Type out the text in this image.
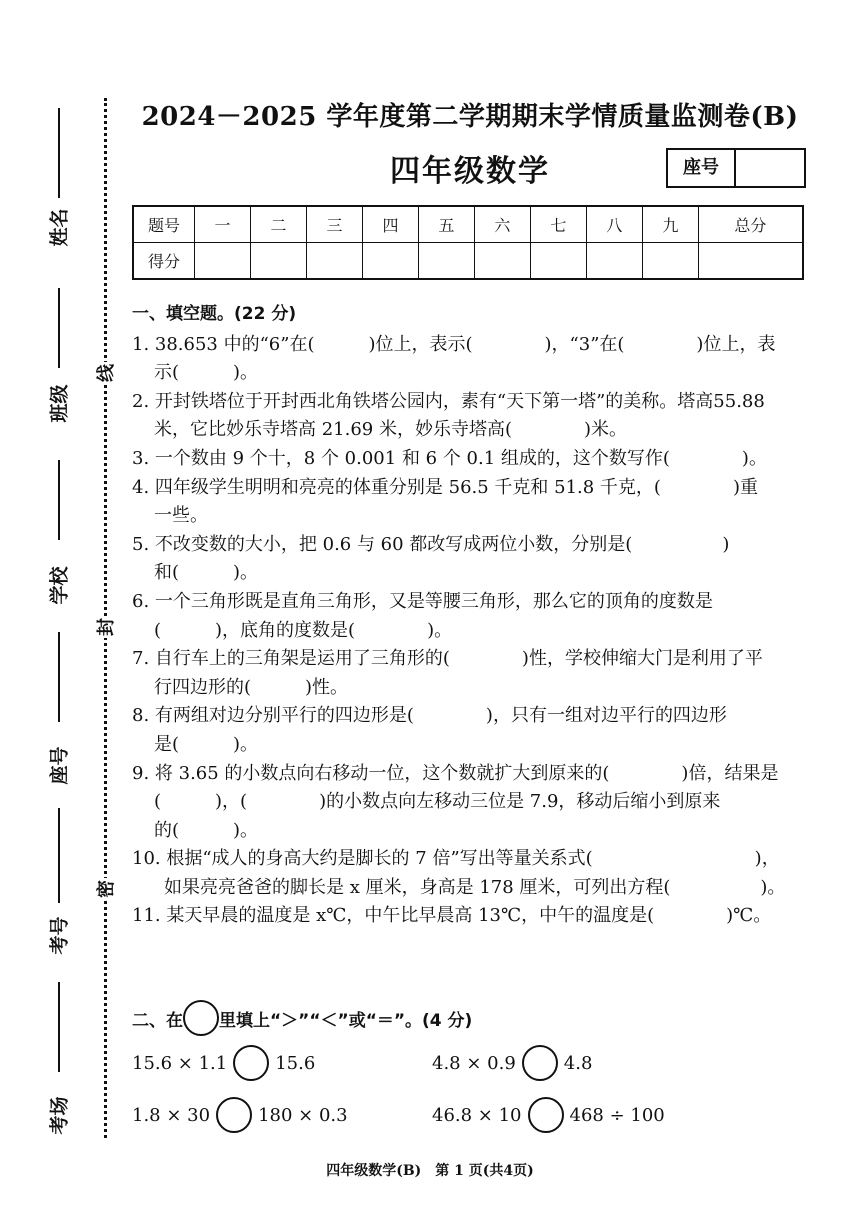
姓名
班级
学校
座号
考号
考场
线
封
密
2024－2025 学年度第二学期期末学情质量监测卷(B)
四年级数学	座号
题号	一	二	三	四	五	六	七	八	九	总分
得分										

一、填空题。(22 分)

1. 38.653 中的“6”在(　　　)位上，表示(　　　　)，“3”在(　　　　)位上，表
示(　　　)。
2. 开封铁塔位于开封西北角铁塔公园内，素有“天下第一塔”的美称。塔高55.88
米，它比妙乐寺塔高 21.69 米，妙乐寺塔高(　　　　)米。
3. 一个数由 9 个十，8 个 0.001 和 6 个 0.1 组成的，这个数写作(　　　　)。
4. 四年级学生明明和亮亮的体重分别是 56.5 千克和 51.8 千克，(　　　　)重
一些。
5. 不改变数的大小，把 0.6 与 60 都改写成两位小数，分别是(　　　　　)
和(　　　)。
6. 一个三角形既是直角三角形，又是等腰三角形，那么它的顶角的度数是
(　　　)，底角的度数是(　　　　)。
7. 自行车上的三角架是运用了三角形的(　　　　)性，学校伸缩大门是利用了平
行四边形的(　　　)性。
8. 有两组对边分别平行的四边形是(　　　　)，只有一组对边平行的四边形
是(　　　)。
9. 将 3.65 的小数点向右移动一位，这个数就扩大到原来的(　　　　)倍，结果是
(　　　)，(　　　　)的小数点向左移动三位是 7.9，移动后缩小到原来
的(　　　)。
10. 根据“成人的身高大约是脚长的 7 倍”写出等量关系式(　　　　　　　　　)，
如果亮亮爸爸的脚长是 x 厘米，身高是 178 厘米，可列出方程(　　　　　)。
11. 某天早晨的温度是 x℃，中午比早晨高 13℃，中午的温度是(　　　　)℃。
二、在 里填上“＞”“＜”或“＝”。(4 分)
15.6 × 1.1	15.6	4.8 × 0.9	4.8
1.8 × 30	180 × 0.3	46.8 × 10	468 ÷ 100
四年级数学(B)　第 1 页(共4页)
